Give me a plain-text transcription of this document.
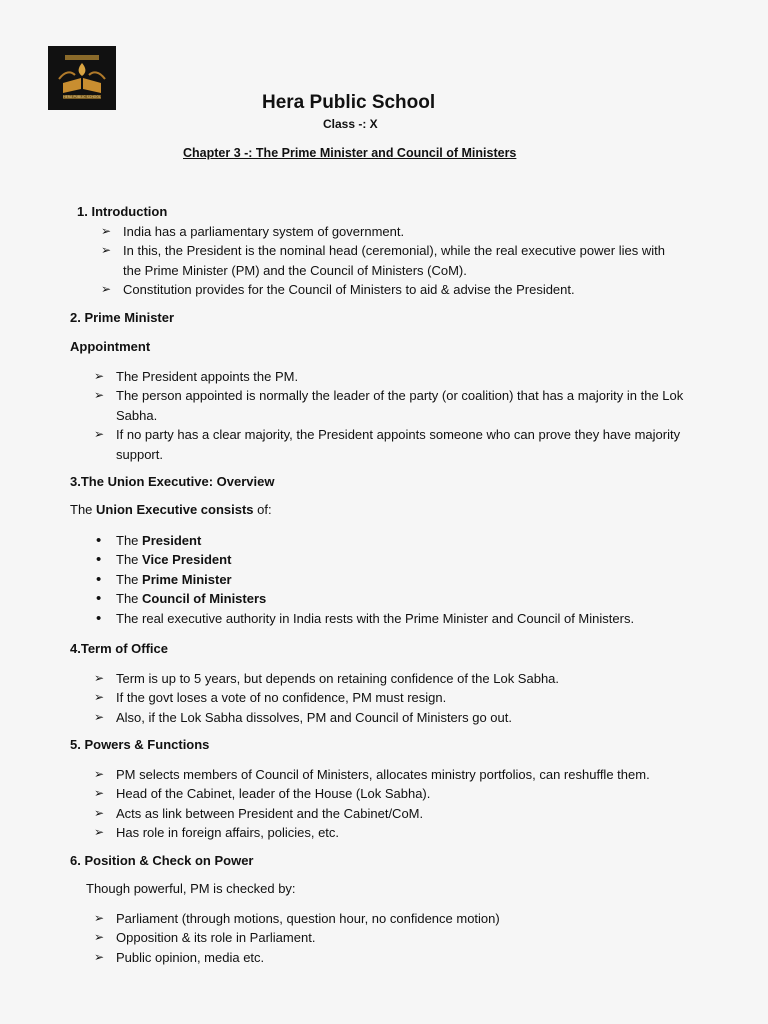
HERA PUBLIC SCHOOL	Hera Public School
Class -: X
Chapter 3 -: The Prime Minister and Council of Ministers
1. Introduction
➢ India has a parliamentary system of government.
➢ In this, the President is the nominal head (ceremonial), while the real executive power lies with
the Prime Minister (PM) and the Council of Ministers (CoM).
➢ Constitution provides for the Council of Ministers to aid & advise the President.
2. Prime Minister
Appointment
➢ The President appoints the PM.
➢ The person appointed is normally the leader of the party (or coalition) that has a majority in the Lok
Sabha.
➢ If no party has a clear majority, the President appoints someone who can prove they have majority
support.
3.The Union Executive: Overview
The Union Executive consists of:
• The President
• The Vice President
• The Prime Minister
• The Council of Ministers
• The real executive authority in India rests with the Prime Minister and Council of Ministers.
4.Term of Office
➢ Term is up to 5 years, but depends on retaining confidence of the Lok Sabha.
➢ If the govt loses a vote of no confidence, PM must resign.
➢ Also, if the Lok Sabha dissolves, PM and Council of Ministers go out.
5. Powers & Functions
➢ PM selects members of Council of Ministers, allocates ministry portfolios, can reshuffle them.
➢ Head of the Cabinet, leader of the House (Lok Sabha).
➢ Acts as link between President and the Cabinet/CoM.
➢ Has role in foreign affairs, policies, etc.
6. Position & Check on Power
Though powerful, PM is checked by:
➢ Parliament (through motions, question hour, no confidence motion)
➢ Opposition & its role in Parliament.
➢ Public opinion, media etc.
